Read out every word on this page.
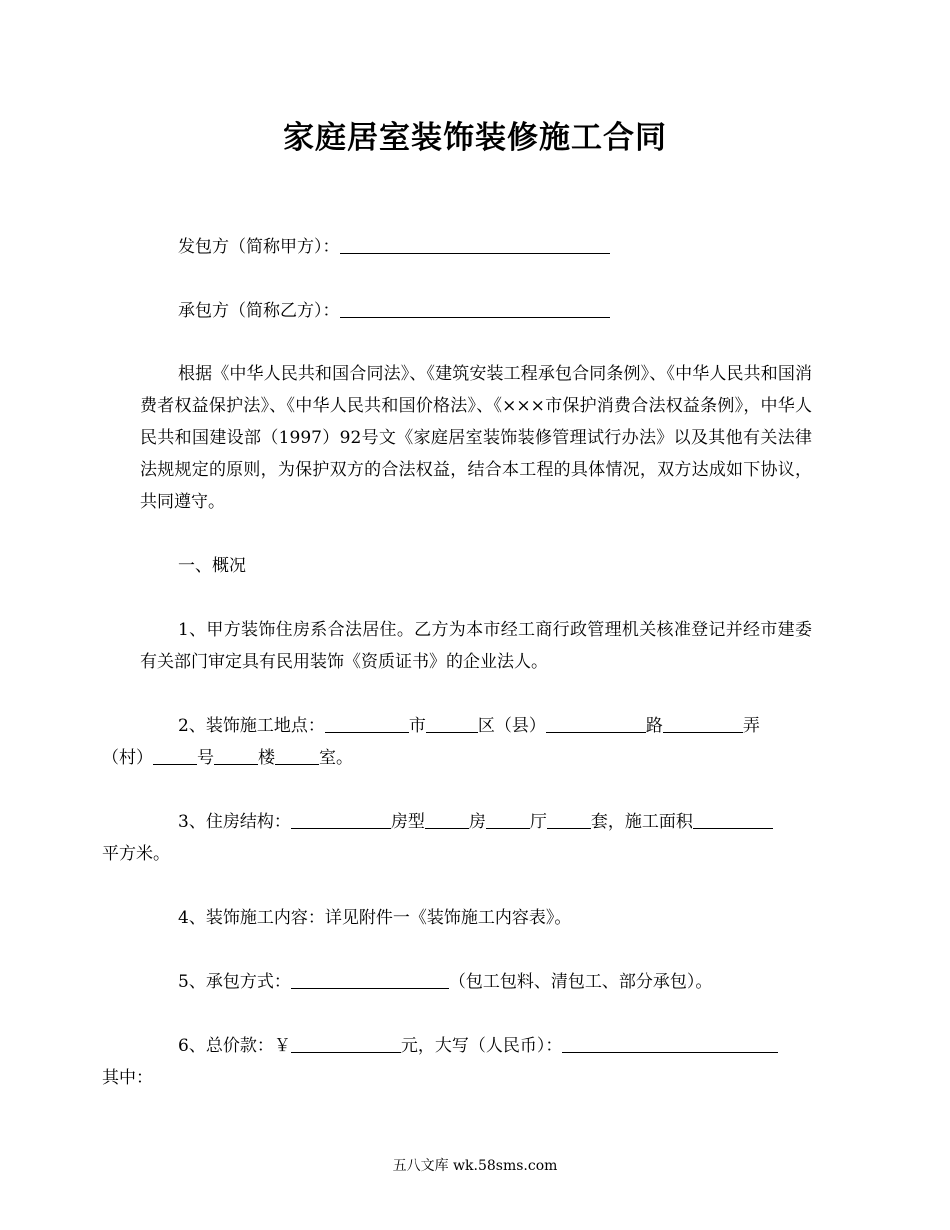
家庭居室装饰装修施工合同
发包方（简称甲方）：
承包方（简称乙方）：
根据《中华人民共和国合同法》、《建筑安装工程承包合同条例》、《中华人民共和国消费者权益保护法》、《中华人民共和国价格法》、《×××市保护消费合法权益条例》，中华人民共和国建设部（1997）92号文《家庭居室装饰装修管理试行办法》以及其他有关法律法规规定的原则，为保护双方的合法权益，结合本工程的具体情况，双方达成如下协议，共同遵守。
一、概况
1、甲方装饰住房系合法居住。乙方为本市经工商行政管理机关核准登记并经市建委有关部门审定具有民用装饰《资质证书》的企业法人。
2、装饰施工地点：	市	区（县）	路	弄
（村）	号	楼	室。
3、住房结构：	房型	房	厅	套，施工面积
平方米。
4、装饰施工内容：详见附件一《装饰施工内容表》。
5、承包方式：	（包工包料、清包工、部分承包）。
6、总价款：￥	元，大写（人民币）：
其中：
五八文库 wk.58sms.com
